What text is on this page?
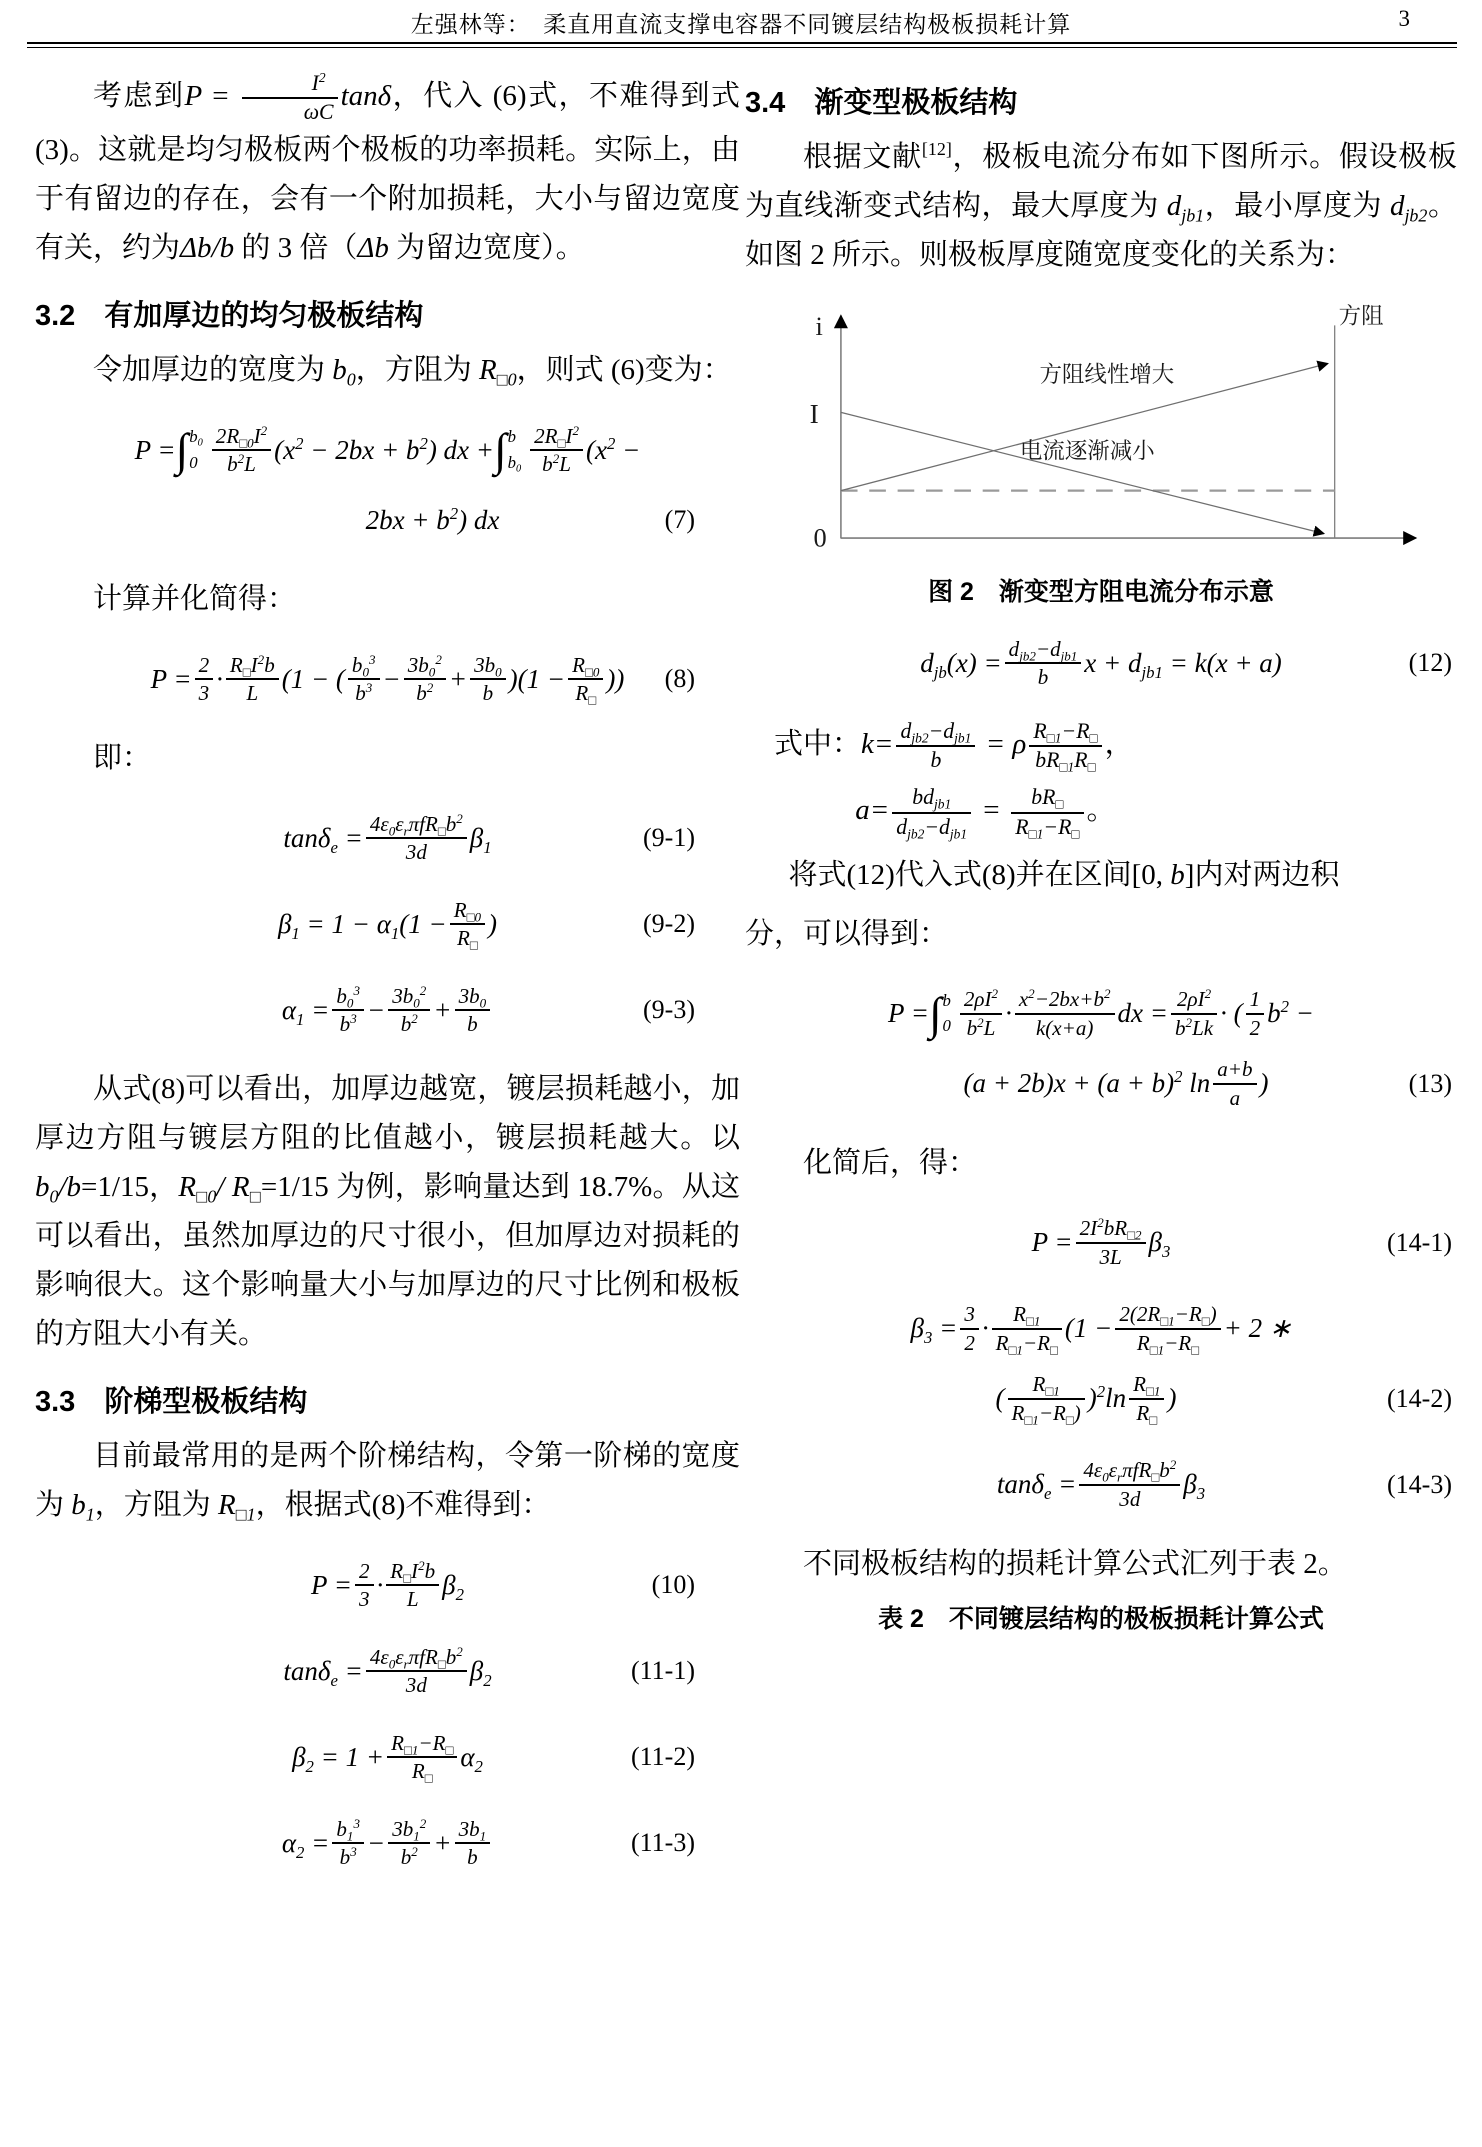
左强林等：　柔直用直流支撑电容器不同镀层结构极板损耗计算	3

考虑到$P = \frac{I^2}{\omega C}$ tanδ，代入 (6)式，不难得到式(3)。这就是均匀极板两个极板的功率损耗。实际上，由于有留边的存在，会有一个附加损耗，大小与留边宽度有关，约为Δb/b 的 3 倍（Δb 为留边宽度）。

3.2　有加厚边的均匀极板结构

令加厚边的宽度为 $b_0$，方阻为 $R_{□0}$，则式 (6)变为：

P = ∫ $b_0$
$0 \frac{2R_{□0}I^2}{b^2L} (x^2 - 2bx + b^2)$ dx + ∫ b
$b_0 \frac{2R_□I^2}{b^2L} (x^2$ −
$2bx + b^2$) dx	(7)

计算并化简得：

$P = \frac{2}{3} \cdot \frac{R_□I^2b}{L} (1$ − ( $\frac{b_0^3}{b^3} - \frac{3b_0^2}{b^2} + \frac{3b_0}{b} )(1 - \frac{R_{□0}}{R_□}$ )) (8)

即：

$\tan\delta_e = \frac{4\varepsilon_0\varepsilon_r\pi fR_□b^2}{3d} \beta_1$	(9-1)
$\beta_1 = 1 - \alpha_1(1 - \frac{R_{□0}}{R_□}$ )	(9-2)
$\alpha_1 = \frac{b_0^3}{b^3} - \frac{3b_0^2}{b^2} + \frac{3b_0}{b}$	(9-3)

从式(8)可以看出，加厚边越宽，镀层损耗越小，加厚边方阻与镀层方阻的比值越小，镀层损耗越大。以 $b_0/b=1/15$，$R_{□0}/$ $R_□=1/15$ 为例，影响量达到 18.7%。从这可以看出，虽然加厚边的尺寸很小，但加厚边对损耗的影响很大。这个影响量大小与加厚边的尺寸比例和极板的方阻大小有关。

3.3　阶梯型极板结构

目前最常用的是两个阶梯结构，令第一阶梯的宽度为 $b_1$，方阻为 $R_{□1}$，根据式(8)不难得到：

$P = \frac{2}{3} \cdot \frac{R_□I^2b}{L} \beta_2$	(10)
$\tan\delta_e = \frac{4\varepsilon_0\varepsilon_r\pi fR_□b^2}{3d} \beta_2$	(11-1)
$\beta_2 = 1 + \frac{R_{□1}-R_□}{R_□} \alpha_2$	(11-2)
$\alpha_2 = \frac{b_1^3}{b^3} - \frac{3b_1^2}{b^2} + \frac{3b_1}{b}$	(11-3)
3.4　渐变型极板结构

根据文献[12]，极板电流分布如下图所示。假设极板为直线渐变式结构，最大厚度为 $d_{jb1}$，最小厚度为 $d_{jb2}$。如图 2 所示。则极板厚度随宽度变化的关系为：

i
I
0
方阻
方阻线性增大
电流逐渐减小
图 2　渐变型方阻电流分布示意
$d_{jb}(x) = \frac{d_{jb2}-d_{jb1}}{b}$ $x + d_{jb1} = k(x + a)$	(12)

式中：$k= \frac{d_{jb2}-d_{jb1}}{b} = \rho \frac{R_{□1}-R_□}{bR_{□1}R_□}$ ，

$a= \frac{bd_{jb1}}{d_{jb2}-d_{jb1}} = \frac{bR_□}{R_{□1}-R_□}$ 。

将式(12)代入式(8)并在区间[0, b]内对两边积

分，可以得到：

P = ∫ b
$0 \frac{2\rho I^2}{b^2L} \cdot \frac{x^2-2bx+b^2}{k(x+a)}$ dx = $\frac{2\rho I^2}{b^2Lk}$ · ( $\frac{1}{2} b^2$ −
$(a + 2b)x + (a + b)^2$ $\ln \frac{a+b}{a}$ )	(13)

化简后，得：

$P = \frac{2I^2bR_{□2}}{3L} \beta_3$	(14-1)
$\beta_3 = \frac{3}{2} \cdot \frac{R_{□1}}{R_{□1}-R_□} (1 - \frac{2(2R_{□1}-R_□)}{R_{□1}-R_□} + 2$ ∗
( $\frac{R_{□1}}{R_{□1}-R_□)} )^2\ln \frac{R_{□1}}{R_□}$ )	(14-2)
$\tan\delta_e = \frac{4\varepsilon_0\varepsilon_r\pi fR_□b^2}{3d} \beta_3$	(14-3)

不同极板结构的损耗计算公式汇列于表 2。

表 2　不同镀层结构的极板损耗计算公式
